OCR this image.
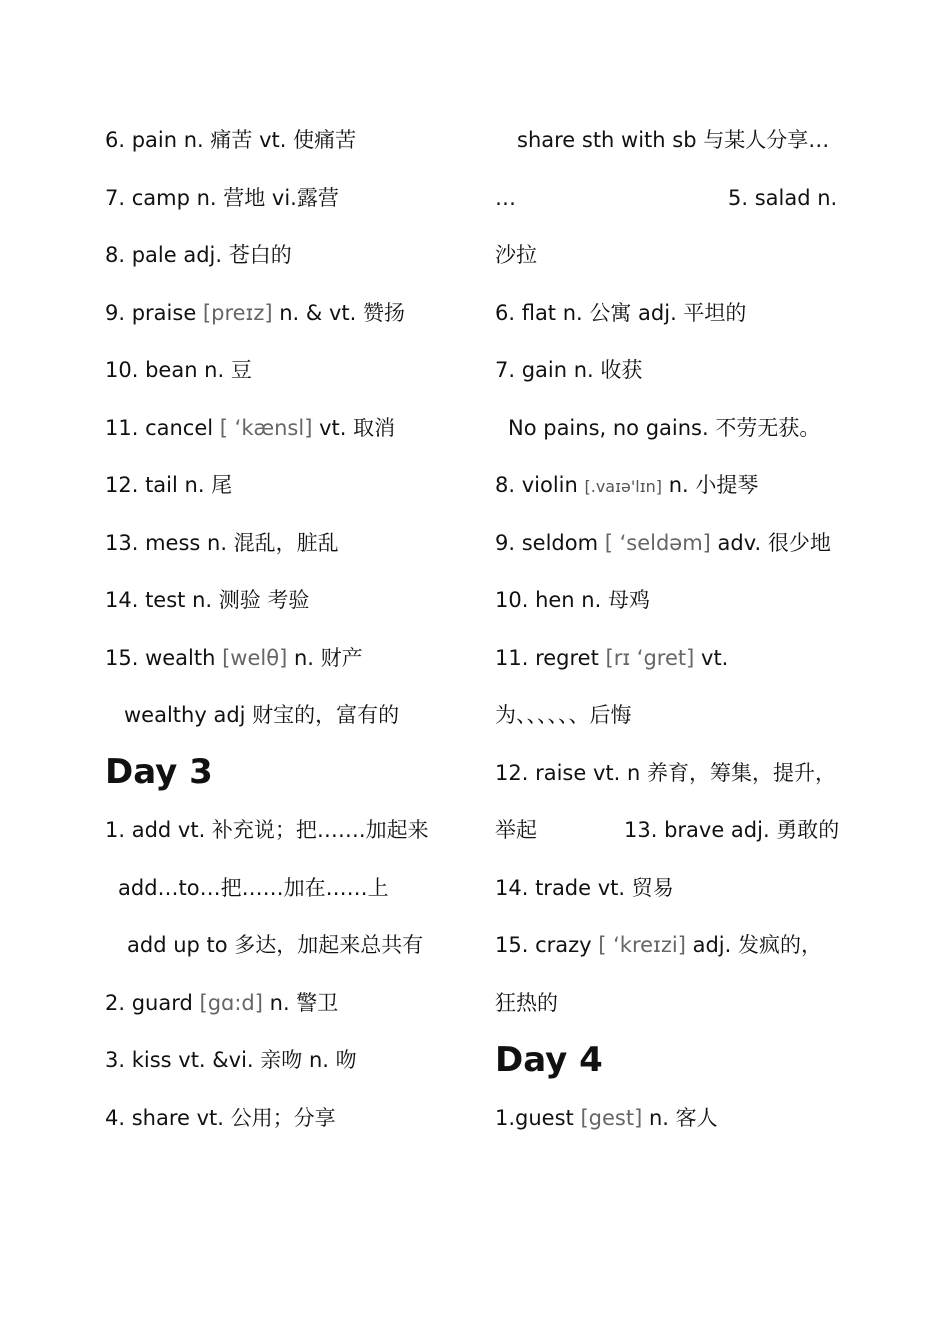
6. pain n. 痛苦 vt. 使痛苦
7. camp n. 营地 vi.露营
8. pale adj. 苍白的
9. praise [preɪz] n. & vt. 赞扬
10. bean n. 豆
11. cancel [ ‘kænsl] vt. 取消
12. tail n. 尾
13. mess n. 混乱，脏乱
14. test n. 测验 考验
15. wealth [welθ] n. 财产
wealthy adj 财宝的，富有的
Day 3
1. add vt. 补充说；把…….加起来
add…to…把……加在……上
add up to 多达，加起来总共有
2. guard [gɑ:d] n. 警卫
3. kiss vt. &vi. 亲吻 n. 吻
4. share vt. 公用；分享
share sth with sb 与某人分享…
…	5. salad n.
沙拉
6. flat n. 公寓 adj. 平坦的
7. gain n. 收获
No pains, no gains. 不劳无获。
8. violin [.vaɪə'lɪn] n. 小提琴
9. seldom [ ‘seldəm] adv. 很少地
10. hen n. 母鸡
11. regret [rɪ ‘gret] vt.
为、、、、、、后悔
12. raise vt. n 养育，筹集，提升，
举起	13. brave adj. 勇敢的
14. trade vt. 贸易
15. crazy [ ‘kreɪzi] adj. 发疯的，
狂热的
Day 4
1.guest [gest] n. 客人
